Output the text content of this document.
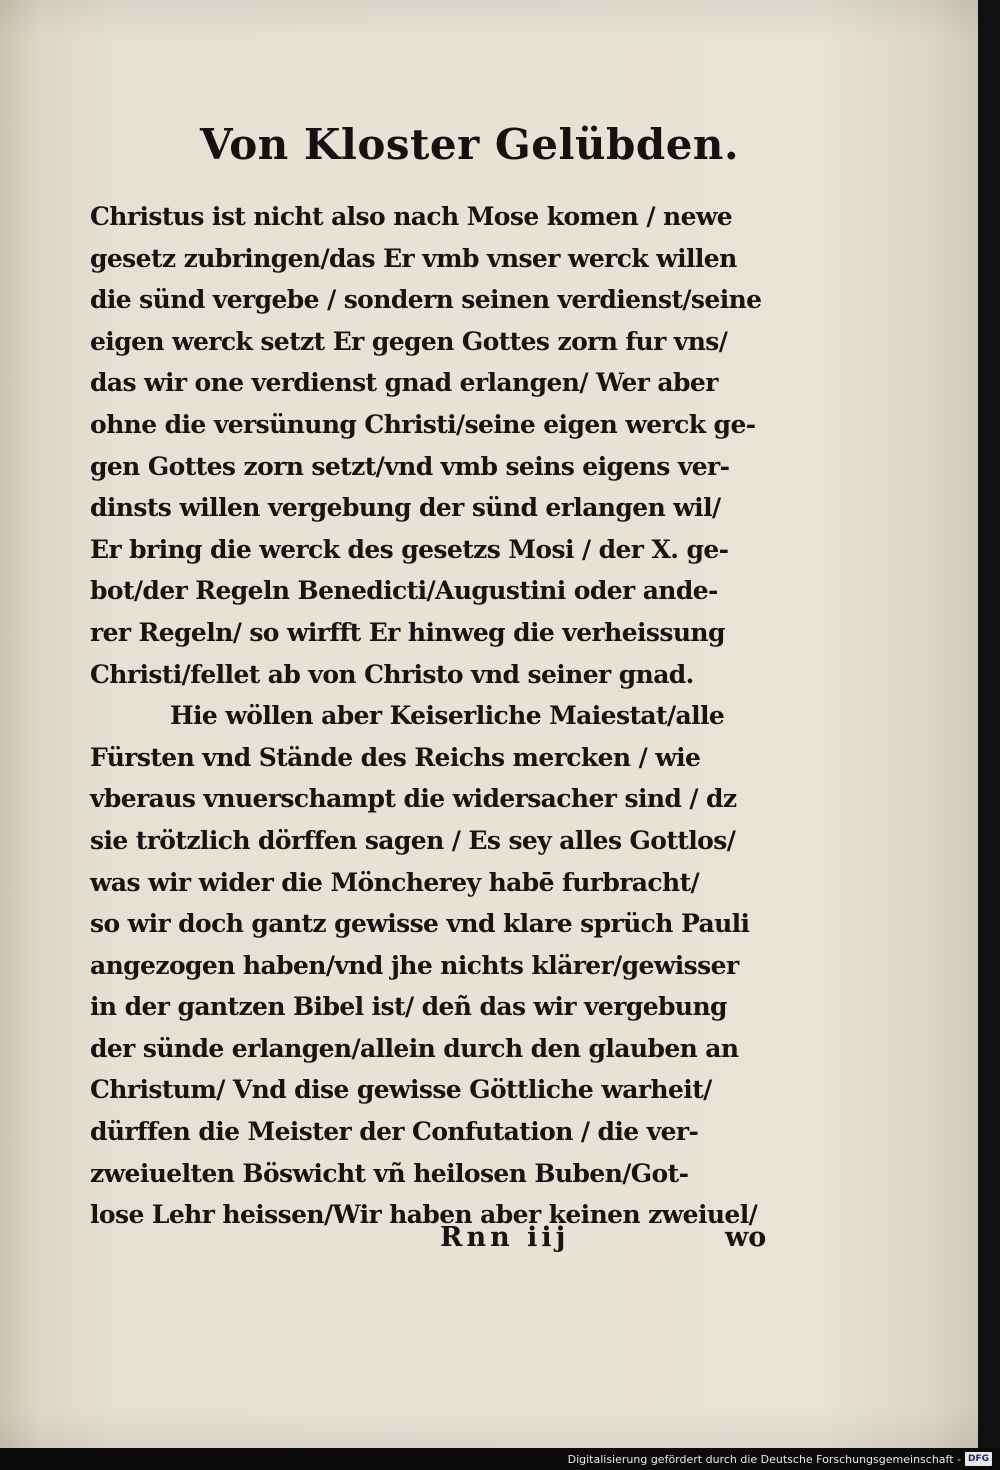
Von Kloster Gelübden.
Christus ist nicht also nach Mose komen / newe
gesetz zubringen/das Er vmb vnser werck willen
die sünd vergebe / sondern seinen verdienst/seine
eigen werck setzt Er gegen Gottes zorn fur vns/
das wir one verdienst gnad erlangen/ Wer aber
ohne die versünung Christi/seine eigen werck ge-
gen Gottes zorn setzt/vnd vmb seins eigens ver-
dinsts willen vergebung der sünd erlangen wil/
Er bring die werck des gesetzs Mosi / der X. ge-
bot/der Regeln Benedicti/Augustini oder ande-
rer Regeln/ so wirfft Er hinweg die verheissung
Christi/fellet ab von Christo vnd seiner gnad.
Hie wöllen aber Keiserliche Maiestat/alle
Fürsten vnd Stände des Reichs mercken / wie
vberaus vnuerschampt die widersacher sind / dz
sie trötzlich dörffen sagen / Es sey alles Gottlos/
was wir wider die Möncherey habē furbracht/
so wir doch gantz gewisse vnd klare sprüch Pauli
angezogen haben/vnd jhe nichts klärer/gewisser
in der gantzen Bibel ist/ deñ das wir vergebung
der sünde erlangen/allein durch den glauben an
Christum/ Vnd dise gewisse Göttliche warheit/
dürffen die Meister der Confutation / die ver-
zweiuelten Böswicht vñ heilosen Buben/Got-
lose Lehr heissen/Wir haben aber keinen zweiuel/
Rnn iij	wo
Digitalisierung gefördert durch die Deutsche Forschungsgemeinschaft - DFG
